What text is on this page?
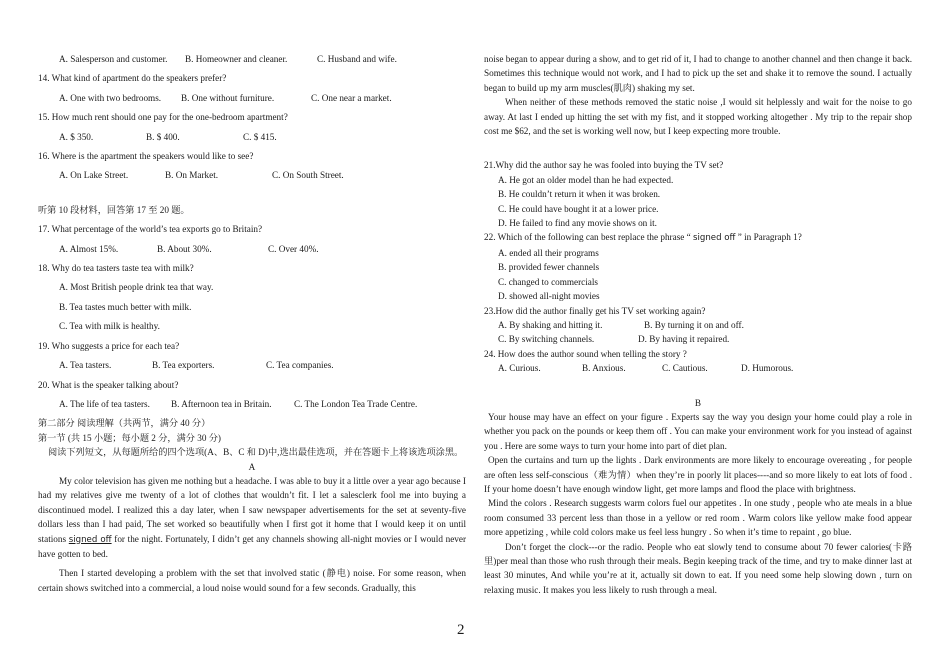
A. Salesperson and customer.	B. Homeowner and cleaner.	C. Husband and wife.

14. What kind of apartment do the speakers prefer?

A. One with two bedrooms.	B. One without furniture.	C. One near a market.

15. How much rent should one pay for the one-bedroom apartment?

A. $ 350.	B. $ 400.	C. $ 415.

16. Where is the apartment the speakers would like to see?

A. On Lake Street.	B. On Market.	C. On South Street.

听第 10 段材料，回答第 17 至 20 题。

17. What percentage of the world’s tea exports go to Britain?

A. Almost 15%.	B. About 30%.	C. Over 40%.

18. Why do tea tasters taste tea with milk?

A. Most British people drink tea that way.

B. Tea tastes much better with milk.

C. Tea with milk is healthy.

19. Who suggests a price for each tea?

A. Tea tasters.	B. Tea exporters.	C. Tea companies.

20. What is the speaker talking about?

A. The life of tea tasters.	B. Afternoon tea in Britain.	C. The London Tea Trade Centre.

第二部分 阅读理解（共两节，满分 40 分）

第一节 (共 15 小题；每小题 2 分，满分 30 分)

阅读下列短文，从每题所给的四个选项(A、B、C 和 D)中,选出最佳选项，并在答题卡上将该选项涂黑。

A

My color television has given me nothing but a headache. I was able to buy it a little over a year ago because I had my relatives give me twenty of a lot of clothes that wouldn’t fit. I let a salesclerk fool me into buying a discontinued model. I realized this a day later, when I saw newspaper advertisements for the set at seventy-five dollars less than I had paid, The set worked so beautifully when I first got it home that I would keep it on until stations signed off for the night. Fortunately, I didn’t get any channels showing all-night movies or I would never have gotten to bed.

Then I started developing a problem with the set that involved static (静电) noise. For some reason, when certain shows switched into a commercial, a loud noise would sound for a few seconds. Gradually, this

noise began to appear during a show, and to get rid of it, I had to change to another channel and then change it back. Sometimes this technique would not work, and I had to pick up the set and shake it to remove the sound. I actually began to build up my arm muscles(肌肉) shaking my set.

When neither of these methods removed the static noise ,I would sit helplessly and wait for the noise to go away. At last I ended up hitting the set with my fist, and it stopped working altogether . My trip to the repair shop cost me $62, and the set is working well now, but I keep expecting more trouble.

21.Why did the author say he was fooled into buying the TV set?

A. He got an older model than he had expected.

B. He couldn’t return it when it was broken.

C. He could have bought it at a lower price.

D. He failed to find any movie shows on it.

22. Which of the following can best replace the phrase “ signed off ” in Paragraph 1?

A. ended all their programs

B. provided fewer channels

C. changed to commercials

D. showed all-night movies

23.How did the author finally get his TV set working again?

A. By shaking and hitting it.	B. By turning it on and off.
C. By switching channels.	D. By having it repaired.

24. How does the author sound when telling the story ?

A. Curious.	B. Anxious.	C. Cautious.	D. Humorous.

B

Your house may have an effect on your figure . Experts say the way you design your home could play a role in whether you pack on the pounds or keep them off . You can make your environment work for you instead of against you . Here are some ways to turn your home into part of diet plan.

Open the curtains and turn up the lights . Dark environments are more likely to encourage overeating , for people are often less self-conscious（难为情）when they’re in poorly lit places----and so more likely to eat lots of food . If your home doesn’t have enough window light, get more lamps and flood the place with brightness.

Mind the colors . Research suggests warm colors fuel our appetites . In one study , people who ate meals in a blue room consumed 33 percent less than those in a yellow or red room . Warm colors like yellow make food appear more appetizing , while cold colors make us feel less hungry . So when it’s time to repaint , go blue.

Don’t forget the clock---or the radio. People who eat slowly tend to consume about 70 fewer calories(卡路里)per meal than those who rush through their meals. Begin keeping track of the time, and try to make dinner last at least 30 minutes, And while you’re at it, actually sit down to eat. If you need some help slowing down , turn on relaxing music. It makes you less likely to rush through a meal.

2
